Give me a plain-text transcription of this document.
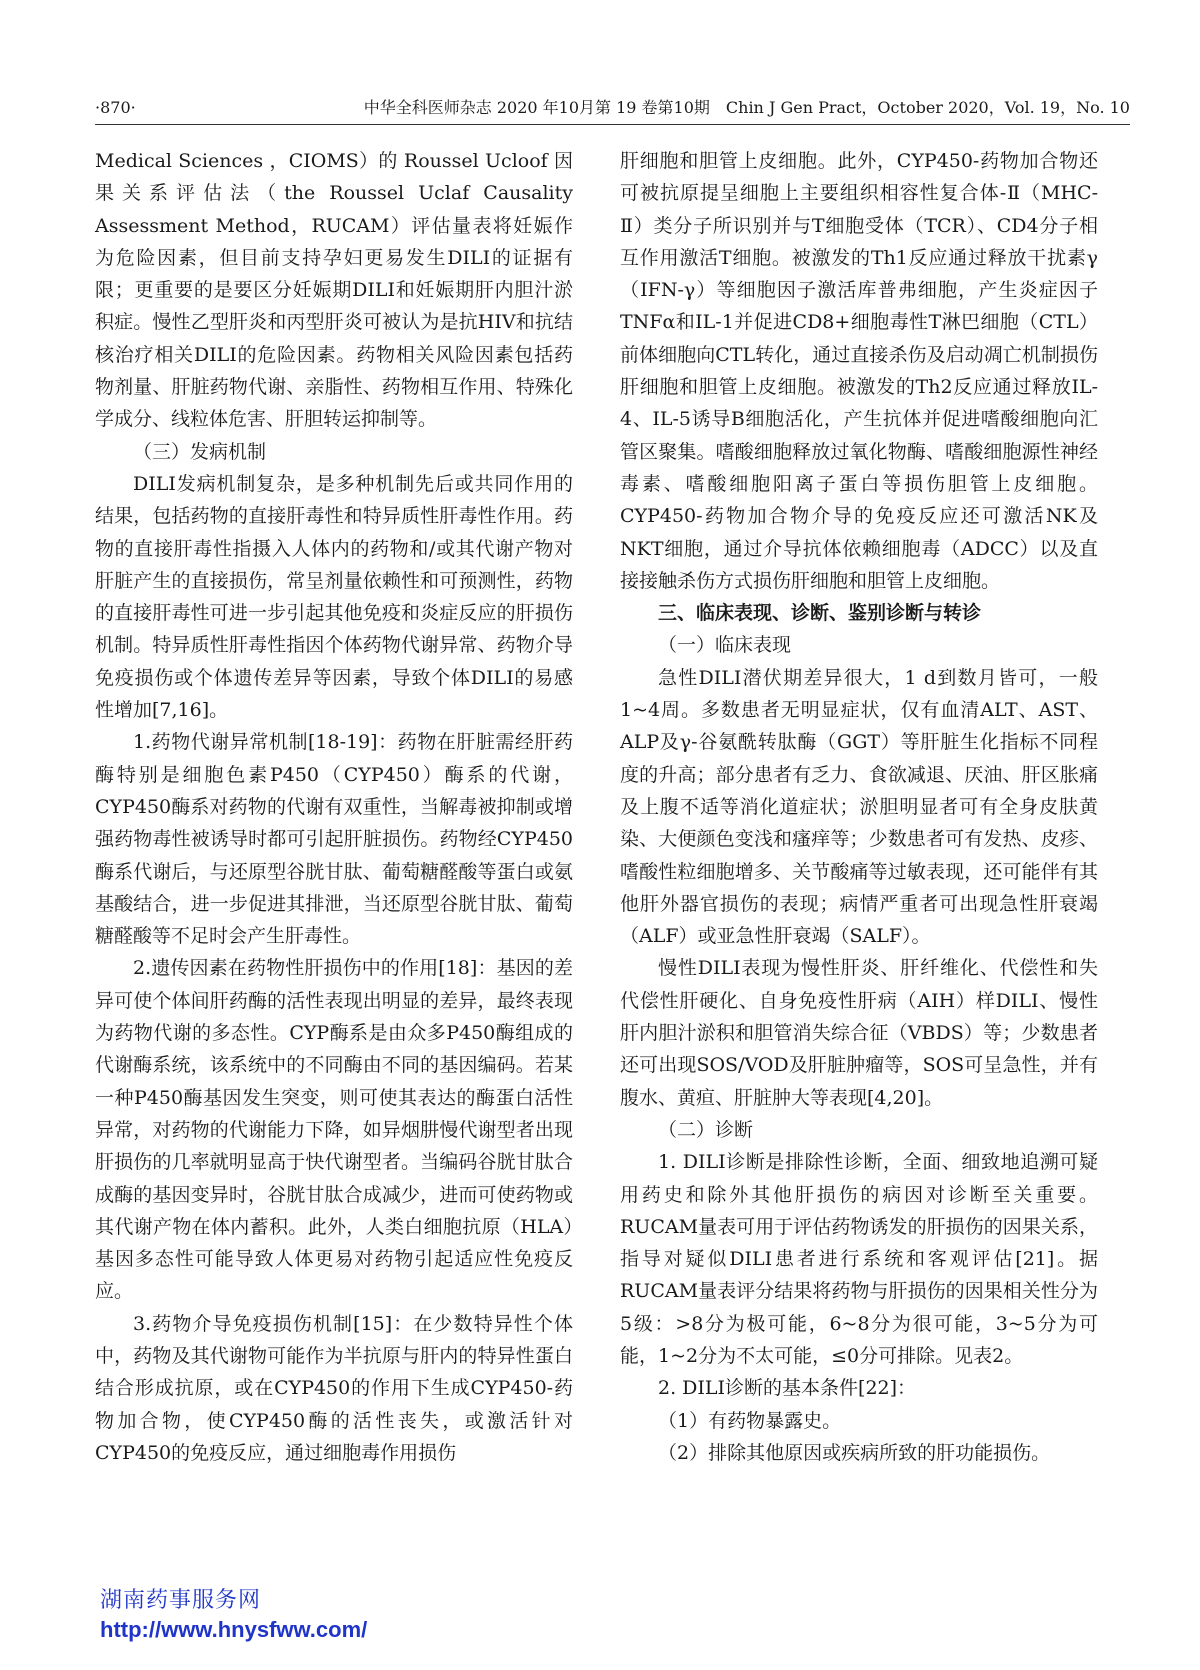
·870·	中华全科医师杂志 2020 年10月第 19 卷第10期　Chin J Gen Pract，October 2020，Vol. 19，No. 10

Medical Sciences ，CIOMS）的 Roussel Ucloof 因果关系评估法（the Roussel Uclaf Causality Assessment Method，RUCAM）评估量表将妊娠作为危险因素，但目前支持孕妇更易发生DILI的证据有限；更重要的是要区分妊娠期DILI和妊娠期肝内胆汁淤积症。慢性乙型肝炎和丙型肝炎可被认为是抗HIV和抗结核治疗相关DILI的危险因素。药物相关风险因素包括药物剂量、肝脏药物代谢、亲脂性、药物相互作用、特殊化学成分、线粒体危害、肝胆转运抑制等。

（三）发病机制

DILI发病机制复杂，是多种机制先后或共同作用的结果，包括药物的直接肝毒性和特异质性肝毒性作用。药物的直接肝毒性指摄入人体内的药物和/或其代谢产物对肝脏产生的直接损伤，常呈剂量依赖性和可预测性，药物的直接肝毒性可进一步引起其他免疫和炎症反应的肝损伤机制。特异质性肝毒性指因个体药物代谢异常、药物介导免疫损伤或个体遗传差异等因素，导致个体DILI的易感性增加[7,16]。

1.药物代谢异常机制[18-19]：药物在肝脏需经肝药酶特别是细胞色素P450（CYP450）酶系的代谢，CYP450酶系对药物的代谢有双重性，当解毒被抑制或增强药物毒性被诱导时都可引起肝脏损伤。药物经CYP450酶系代谢后，与还原型谷胱甘肽、葡萄糖醛酸等蛋白或氨基酸结合，进一步促进其排泄，当还原型谷胱甘肽、葡萄糖醛酸等不足时会产生肝毒性。

2.遗传因素在药物性肝损伤中的作用[18]：基因的差异可使个体间肝药酶的活性表现出明显的差异，最终表现为药物代谢的多态性。CYP酶系是由众多P450酶组成的代谢酶系统，该系统中的不同酶由不同的基因编码。若某一种P450酶基因发生突变，则可使其表达的酶蛋白活性异常，对药物的代谢能力下降，如异烟肼慢代谢型者出现肝损伤的几率就明显高于快代谢型者。当编码谷胱甘肽合成酶的基因变异时，谷胱甘肽合成减少，进而可使药物或其代谢产物在体内蓄积。此外，人类白细胞抗原（HLA）基因多态性可能导致人体更易对药物引起适应性免疫反应。

3.药物介导免疫损伤机制[15]：在少数特异性个体中，药物及其代谢物可能作为半抗原与肝内的特异性蛋白结合形成抗原，或在CYP450的作用下生成CYP450-药物加合物，使CYP450酶的活性丧失，或激活针对CYP450的免疫反应，通过细胞毒作用损伤

肝细胞和胆管上皮细胞。此外，CYP450-药物加合物还可被抗原提呈细胞上主要组织相容性复合体-Ⅱ（MHC-Ⅱ）类分子所识别并与T细胞受体（TCR）、CD4分子相互作用激活T细胞。被激发的Th1反应通过释放干扰素γ（IFN-γ）等细胞因子激活库普弗细胞，产生炎症因子TNFα和IL-1并促进CD8+细胞毒性T淋巴细胞（CTL）前体细胞向CTL转化，通过直接杀伤及启动凋亡机制损伤肝细胞和胆管上皮细胞。被激发的Th2反应通过释放IL-4、IL-5诱导B细胞活化，产生抗体并促进嗜酸细胞向汇管区聚集。嗜酸细胞释放过氧化物酶、嗜酸细胞源性神经毒素、嗜酸细胞阳离子蛋白等损伤胆管上皮细胞。CYP450-药物加合物介导的免疫反应还可激活NK及NKT细胞，通过介导抗体依赖细胞毒（ADCC）以及直接接触杀伤方式损伤肝细胞和胆管上皮细胞。

三、临床表现、诊断、鉴别诊断与转诊

（一）临床表现

急性DILI潜伏期差异很大，1 d到数月皆可，一般1~4周。多数患者无明显症状，仅有血清ALT、AST、ALP及γ-谷氨酰转肽酶（GGT）等肝脏生化指标不同程度的升高；部分患者有乏力、食欲减退、厌油、肝区胀痛及上腹不适等消化道症状；淤胆明显者可有全身皮肤黄染、大便颜色变浅和瘙痒等；少数患者可有发热、皮疹、嗜酸性粒细胞增多、关节酸痛等过敏表现，还可能伴有其他肝外器官损伤的表现；病情严重者可出现急性肝衰竭（ALF）或亚急性肝衰竭（SALF）。

慢性DILI表现为慢性肝炎、肝纤维化、代偿性和失代偿性肝硬化、自身免疫性肝病（AIH）样DILI、慢性肝内胆汁淤积和胆管消失综合征（VBDS）等；少数患者还可出现SOS/VOD及肝脏肿瘤等，SOS可呈急性，并有腹水、黄疸、肝脏肿大等表现[4,20]。

（二）诊断

1. DILI诊断是排除性诊断，全面、细致地追溯可疑用药史和除外其他肝损伤的病因对诊断至关重要。RUCAM量表可用于评估药物诱发的肝损伤的因果关系，指导对疑似DILI患者进行系统和客观评估[21]。据RUCAM量表评分结果将药物与肝损伤的因果相关性分为5级：>8分为极可能，6~8分为很可能，3~5分为可能，1~2分为不太可能，≤0分可排除。见表2。

2. DILI诊断的基本条件[22]：

（1）有药物暴露史。

（2）排除其他原因或疾病所致的肝功能损伤。

湖南药事服务网
http://www.hnysfww.com/
